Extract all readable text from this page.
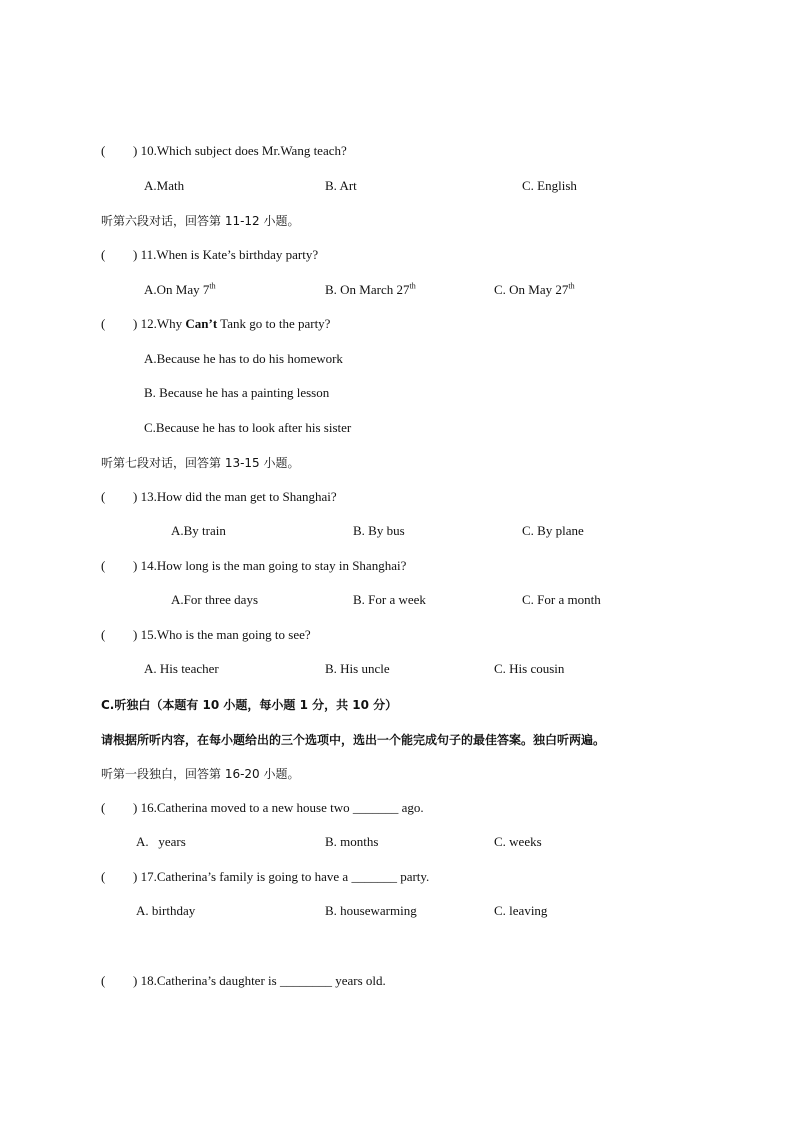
( ) 10.Which subject does Mr.Wang teach?
A.Math	B. Art	C. English
听第六段对话，回答第 11-12 小题。
( ) 11.When is Kate’s birthday party?
A.On May 7th	B. On March 27th	C. On May 27th
( ) 12.Why Can’t Tank go to the party?
A.Because he has to do his homework
B. Because he has a painting lesson
C.Because he has to look after his sister
听第七段对话，回答第 13-15 小题。
( ) 13.How did the man get to Shanghai?
A.By train	B. By bus	C. By plane
( ) 14.How long is the man going to stay in Shanghai?
A.For three days	B. For a week	C. For a month
( ) 15.Who is the man going to see?
A. His teacher	B. His uncle	C. His cousin
C.听独白（本题有 10 小题，每小题 1 分，共 10 分）
请根据所听内容，在每小题给出的三个选项中，选出一个能完成句子的最佳答案。独白听两遍。
听第一段独白，回答第 16-20 小题。
( ) 16.Catherina moved to a new house two _______ ago.
A.   years	B. months	C. weeks
( ) 17.Catherina’s family is going to have a _______ party.
A. birthday	B. housewarming	C. leaving
( ) 18.Catherina’s daughter is ________ years old.
